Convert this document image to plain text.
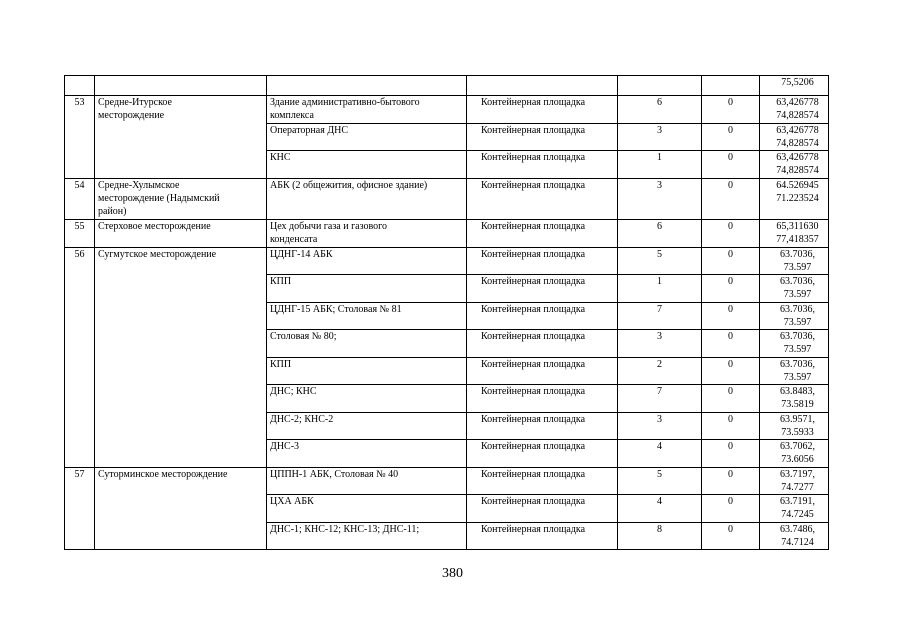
						75,5206

53	Средне-Итурское
месторождение	Здание административно-бытового
комплекса	Контейнерная площадка	6	0	63,426778
74,828574

		Операторная ДНС	Контейнерная площадка	3	0	63,426778
74,828574

		КНС	Контейнерная площадка	1	0	63,426778
74,828574

54	Средне-Хулымское
месторождение (Надымский
район)	АБК (2 общежития, офисное здание)	Контейнерная площадка	3	0	64.526945
71.223524

55	Стерховое месторождение	Цех добычи газа и газового
конденсата	Контейнерная площадка	6	0	65,311630
77,418357

56	Сугмутское месторождение	ЦДНГ-14 АБК	Контейнерная площадка	5	0	63.7036,
73.597

		КПП	Контейнерная площадка	1	0	63.7036,
73.597

		ЦДНГ-15 АБК; Столовая № 81	Контейнерная площадка	7	0	63.7036,
73.597

		Столовая № 80;	Контейнерная площадка	3	0	63.7036,
73.597

		КПП	Контейнерная площадка	2	0	63.7036,
73.597

		ДНС; КНС	Контейнерная площадка	7	0	63.8483,
73.5819

		ДНС-2; КНС-2	Контейнерная площадка	3	0	63.9571,
73.5933

		ДНС-3	Контейнерная площадка	4	0	63.7062,
73.6056

57	Суторминское месторождение	ЦППН-1 АБК, Столовая № 40	Контейнерная площадка	5	0	63.7197,
74.7277

		ЦХА АБК	Контейнерная площадка	4	0	63.7191,
74.7245

		ДНС-1; КНС-12; КНС-13; ДНС-11;	Контейнерная площадка	8	0	63.7486,
74.7124
380
